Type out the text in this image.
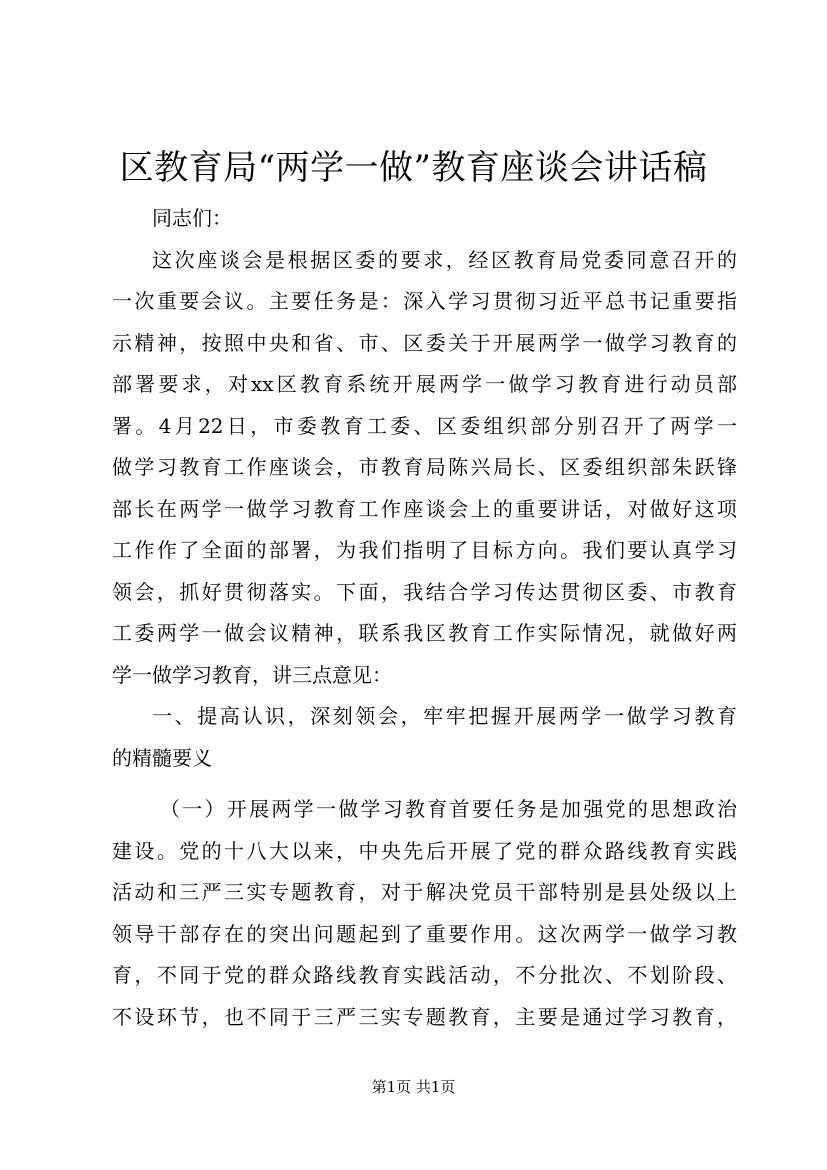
区教育局“两学一做”教育座谈会讲话稿
同志们：
这次座谈会是根据区委的要求，经区教育局党委同意召开的
一次重要会议。主要任务是：深入学习贯彻习近平总书记重要指
示精神，按照中央和省、市、区委关于开展两学一做学习教育的
部署要求，对xx区教育系统开展两学一做学习教育进行动员部
署。4月22日，市委教育工委、区委组织部分别召开了两学一
做学习教育工作座谈会，市教育局陈兴局长、区委组织部朱跃锋
部长在两学一做学习教育工作座谈会上的重要讲话，对做好这项
工作作了全面的部署，为我们指明了目标方向。我们要认真学习
领会，抓好贯彻落实。下面，我结合学习传达贯彻区委、市教育
工委两学一做会议精神，联系我区教育工作实际情况，就做好两
学一做学习教育，讲三点意见：
一、提高认识，深刻领会，牢牢把握开展两学一做学习教育
的精髓要义
（一）开展两学一做学习教育首要任务是加强党的思想政治
建设。党的十八大以来，中央先后开展了党的群众路线教育实践
活动和三严三实专题教育，对于解决党员干部特别是县处级以上
领导干部存在的突出问题起到了重要作用。这次两学一做学习教
育，不同于党的群众路线教育实践活动，不分批次、不划阶段、
不设环节，也不同于三严三实专题教育，主要是通过学习教育，
第1页 共1页
